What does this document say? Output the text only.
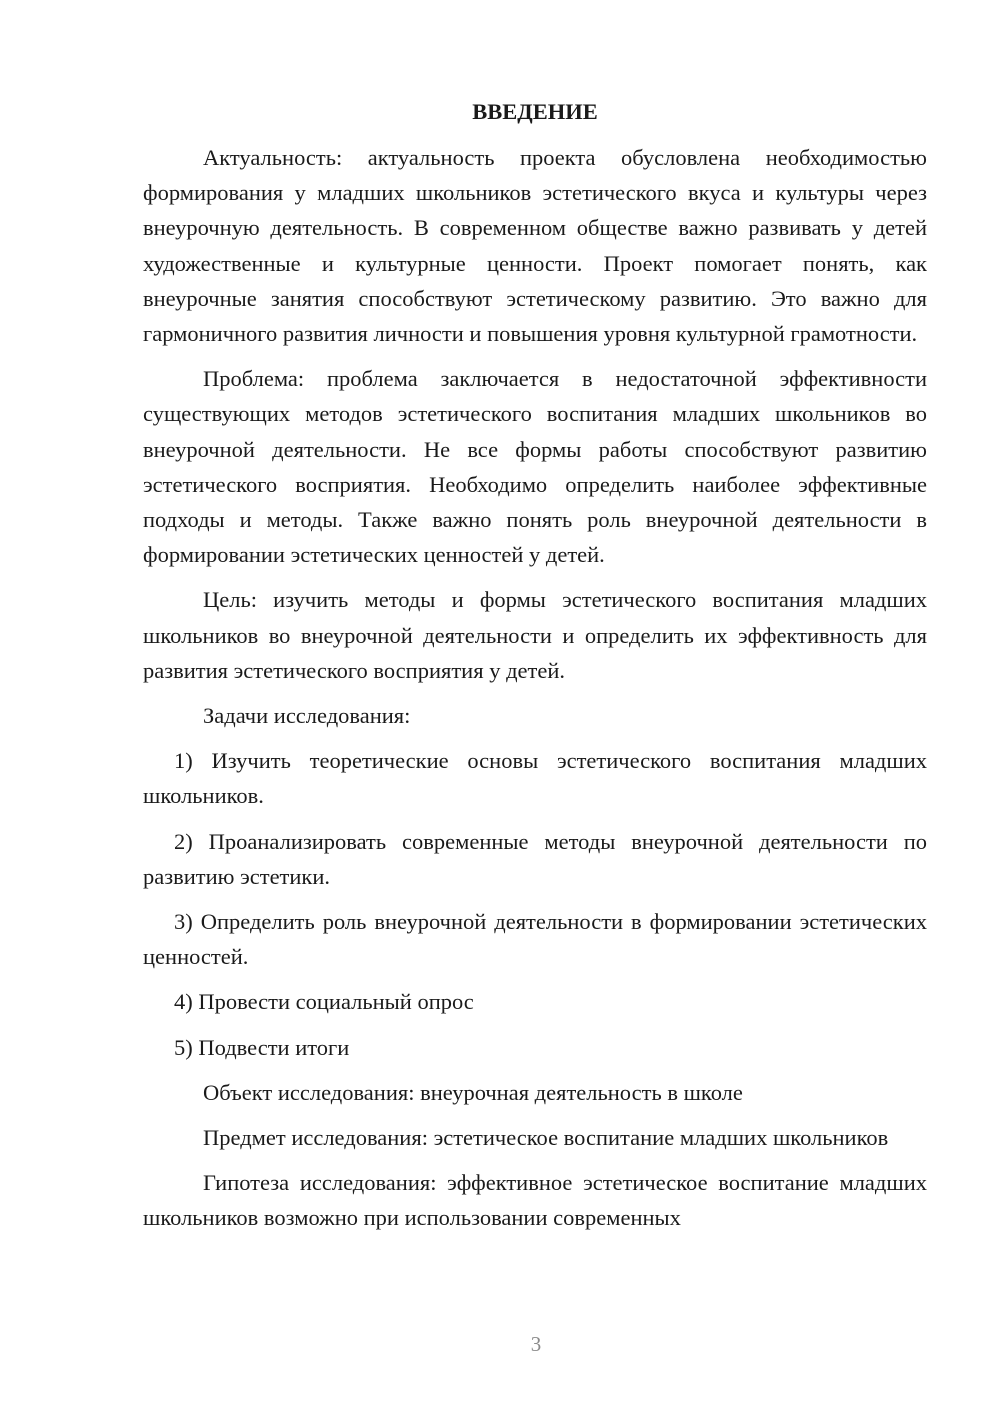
ВВЕДЕНИЕ

Актуальность: актуальность проекта обусловлена необходимостью формирования у младших школьников эстетического вкуса и культуры через внеурочную деятельность. В современном обществе важно развивать у детей художественные и культурные ценности. Проект помогает понять, как внеурочные занятия способствуют эстетическому развитию. Это важно для гармоничного развития личности и повышения уровня культурной грамотности.

Проблема: проблема заключается в недостаточной эффективности существующих методов эстетического воспитания младших школьников во внеурочной деятельности. Не все формы работы способствуют развитию эстетического восприятия. Необходимо определить наиболее эффективные подходы и методы. Также важно понять роль внеурочной деятельности в формировании эстетических ценностей у детей.

Цель: изучить методы и формы эстетического воспитания младших школьников во внеурочной деятельности и определить их эффективность для развития эстетического восприятия у детей.

Задачи исследования:

1) Изучить теоретические основы эстетического воспитания младших школьников.

2) Проанализировать современные методы внеурочной деятельности по развитию эстетики.

3) Определить роль внеурочной деятельности в формировании эстетических ценностей.

4) Провести социальный опрос

5) Подвести итоги

Объект исследования: внеурочная деятельность в школе

Предмет исследования: эстетическое воспитание младших школьников

Гипотеза исследования: эффективное эстетическое воспитание младших школьников возможно при использовании современных

3
